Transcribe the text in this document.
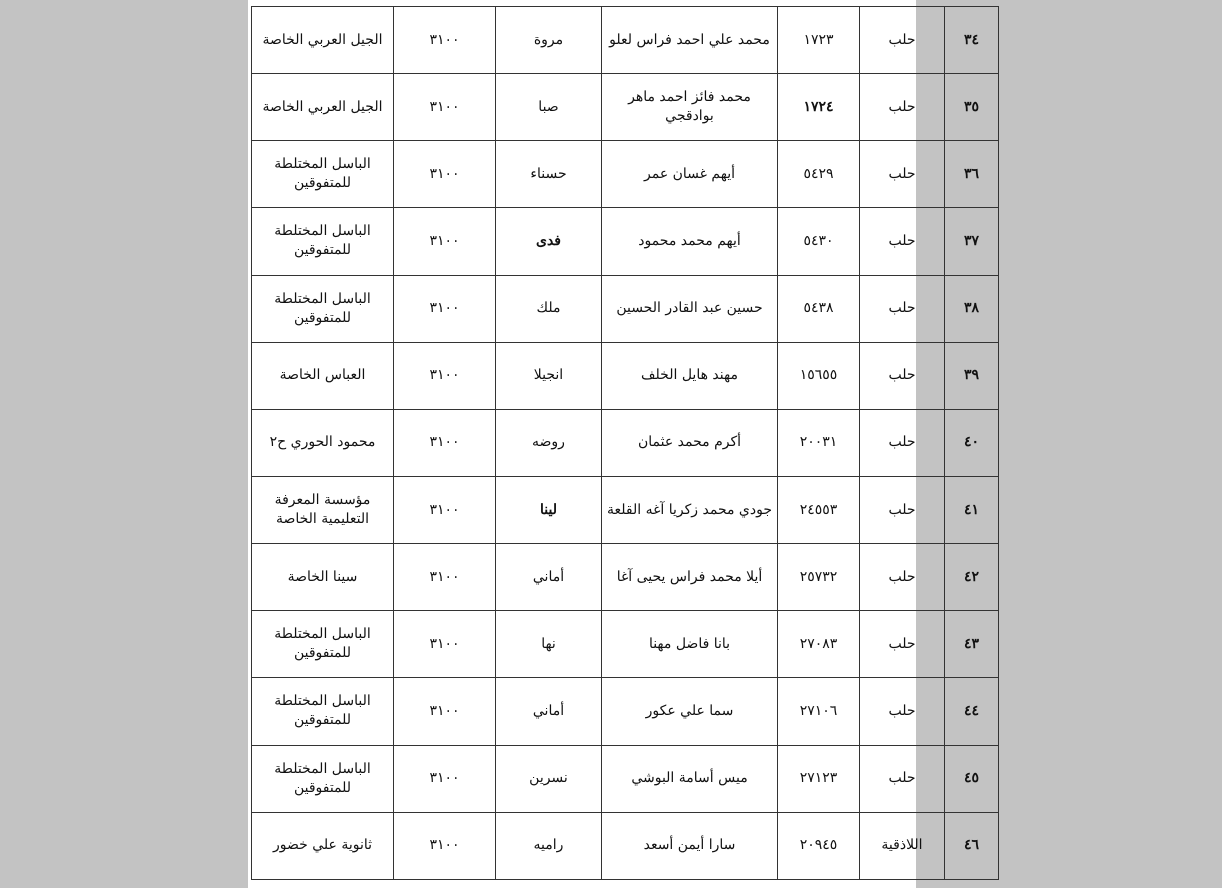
٣٤	حلب	١٧٢٣	محمد علي احمد فراس لعلو	مروة	٣١٠٠	الجيل العربي الخاصة
٣٥	حلب	١٧٢٤	محمد فائز احمد ماهر بوادقجي	صبا	٣١٠٠	الجيل العربي الخاصة
٣٦	حلب	٥٤٢٩	أيهم غسان عمر	حسناء	٣١٠٠	الباسل المختلطة للمتفوقين
٣٧	حلب	٥٤٣٠	أيهم محمد محمود	فدى	٣١٠٠	الباسل المختلطة للمتفوقين
٣٨	حلب	٥٤٣٨	حسين عبد القادر الحسين	ملك	٣١٠٠	الباسل المختلطة للمتفوقين
٣٩	حلب	١٥٦٥٥	مهند هايل الخلف	انجيلا	٣١٠٠	العباس الخاصة
٤٠	حلب	٢٠٠٣١	أكرم محمد عثمان	روضه	٣١٠٠	محمود الحوري ح٢
٤١	حلب	٢٤٥٥٣	جودي محمد زكريا آغه القلعة	لينا	٣١٠٠	مؤسسة المعرفة التعليمية الخاصة
٤٢	حلب	٢٥٧٣٢	أيلا محمد فراس يحيى آغا	أماني	٣١٠٠	سينا الخاصة
٤٣	حلب	٢٧٠٨٣	بانا فاضل مهنا	نها	٣١٠٠	الباسل المختلطة للمتفوقين
٤٤	حلب	٢٧١٠٦	سما علي عكور	أماني	٣١٠٠	الباسل المختلطة للمتفوقين
٤٥	حلب	٢٧١٢٣	ميس أسامة البوشي	نسرين	٣١٠٠	الباسل المختلطة للمتفوقين
٤٦	اللاذقية	٢٠٩٤٥	سارا أيمن أسعد	راميه	٣١٠٠	ثانوية علي خضور
